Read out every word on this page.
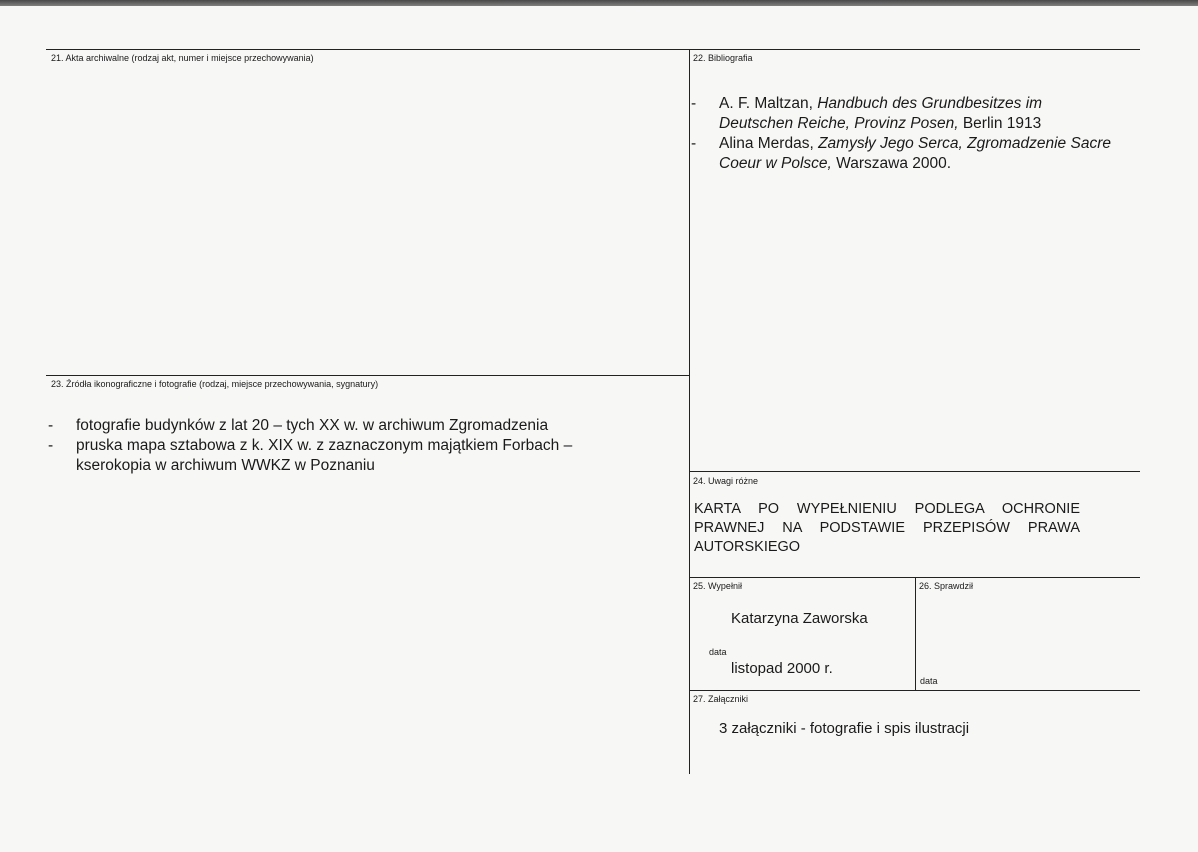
21. Akta archiwalne (rodzaj akt, numer i miejsce przechowywania)	22. Bibliografia
- A. F. Maltzan, Handbuch des Grundbesitzes im Deutschen Reiche, Provinz Posen, Berlin 1913
- Alina Merdas, Zamysły Jego Serca, Zgromadzenie Sacre Coeur w Polsce, Warszawa 2000.
23. Źródła ikonograficzne i fotografie (rodzaj, miejsce przechowywania, sygnatury)
- fotografie budynków z lat 20 – tych XX w. w archiwum Zgromadzenia
- pruska mapa sztabowa z k. XIX w. z zaznaczonym majątkiem Forbach – kserokopia w archiwum WWKZ w Poznaniu
24. Uwagi różne
KARTA PO WYPEŁNIENIU PODLEGA OCHRONIE PRAWNEJ NA PODSTAWIE PRZEPISÓW PRAWA AUTORSKIEGO
25. Wypełnił
Katarzyna Zaworska
data
listopad 2000 r.
26. Sprawdził
data
27. Załączniki
3 załączniki - fotografie i spis ilustracji
